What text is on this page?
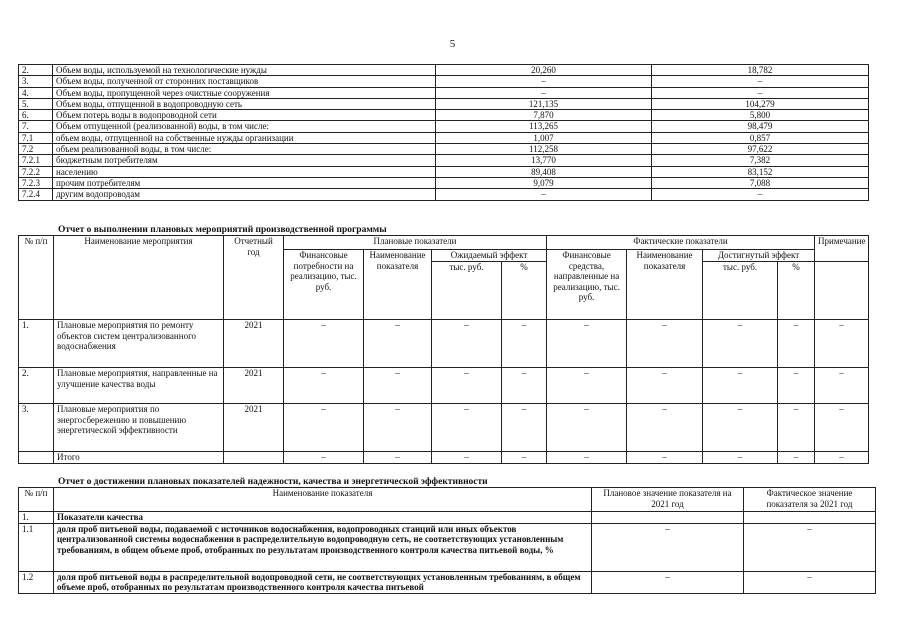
5
2.	Объем воды, используемой на технологические нужды	20,260	18,782
3.	Объем воды, полученной от сторонних поставщиков	–	–
4.	Объем воды, пропущенной через очистные сооружения	–	–
5.	Объем воды, отпущенной в водопроводную сеть	121,135	104,279
6.	Объем потерь воды в водопроводной сети	7,870	5,800
7.	Объем отпущенной (реализованной) воды, в том числе:	113,265	98,479
7.1	объем воды, отпущенной на собственные нужды организации	1,007	0,857
7.2	объем реализованной воды, в том числе:	112,258	97,622
7.2.1	бюджетным потребителям	13,770	7,382
7.2.2	населению	89,408	83,152
7.2.3	прочим потребителям	9,079	7,088
7.2.4	другим водопроводам	–	–
Отчет о выполнении плановых мероприятий производственной программы
№ п/п	Наименование мероприятия	Отчетный год	Плановые показатели				Фактические показатели				Примечание
			Финансовые потребности на реализацию, тыс. руб.	Наименование показателя	Ожидаемый эффект		Финансовые средства, направленные на реализацию, тыс. руб.	Наименование показателя	Достигнутый эффект		
					тыс. руб.	%			тыс. руб.	%	
1.	Плановые мероприятия по ремонту объектов систем централизованного водоснабжения	2021	–	–	–	–	–	–	–	–	–
2.	Плановые мероприятия, направленные на улучшение качества воды	2021	–	–	–	–	–	–	–	–	–
3.	Плановые мероприятия по энергосбережению и повышению энергетической эффективности	2021	–	–	–	–	–	–	–	–	–
	Итого		–	–	–	–	–	–	–	–	–
Отчет о достижении плановых показателей надежности, качества и энергетической эффективности
№ п/п	Наименование показателя	Плановое значение показателя на 2021 год	Фактическое значение показателя за 2021 год
1.	Показатели качества		
1.1	доля проб питьевой воды, подаваемой с источников водоснабжения, водопроводных станций или иных объектов централизованной системы водоснабжения в распределительную водопроводную сеть, не соответствующих установленным требованиям, в общем объеме проб, отобранных по результатам производственного контроля качества питьевой воды, %	–	–
1.2	доля проб питьевой воды в распределительной водопроводной сети, не соответствующих установленным требованиям, в общем объеме проб, отобранных по результатам производственного контроля качества питьевой	–	–
